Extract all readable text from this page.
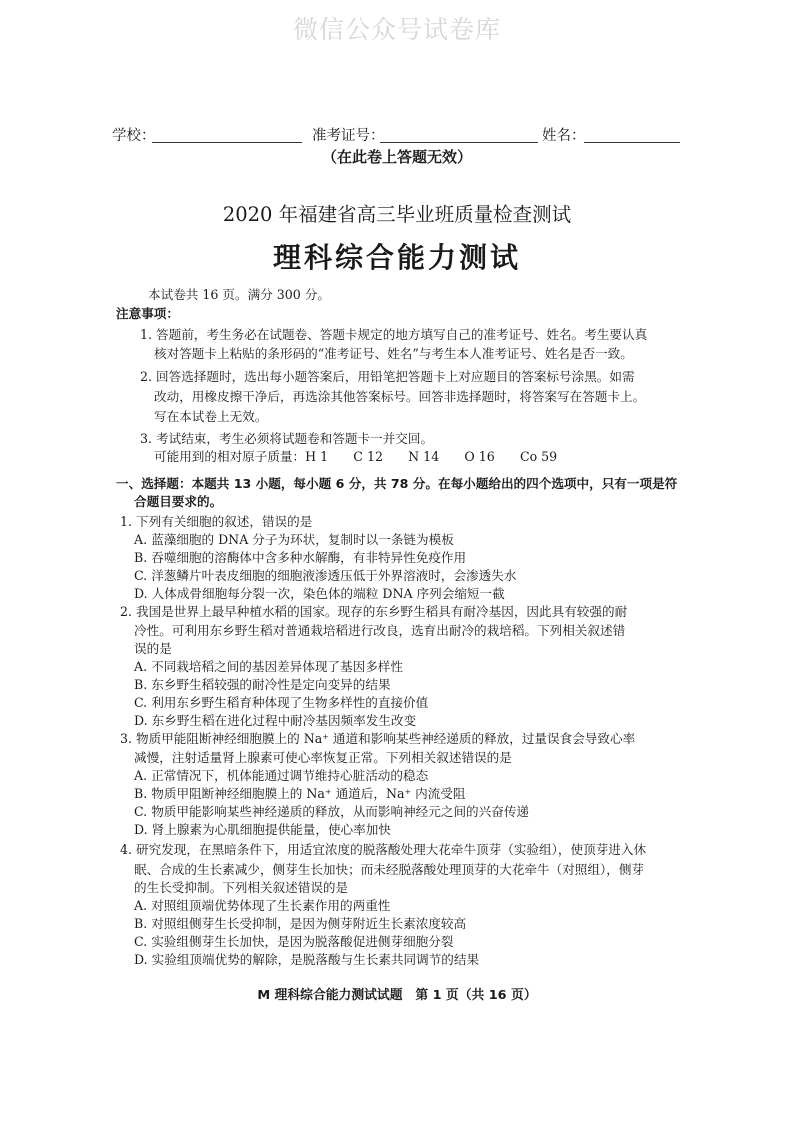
微信公众号试卷库
学校：	准考证号：	姓名：
（在此卷上答题无效）
2020 年福建省高三毕业班质量检查测试
理科综合能力测试
本试卷共 16 页。满分 300 分。
注意事项：
1. 答题前，考生务必在试题卷、答题卡规定的地方填写自己的准考证号、姓名。考生要认真
核对答题卡上粘贴的条形码的“准考证号、姓名”与考生本人准考证号、姓名是否一致。
2. 回答选择题时，选出每小题答案后，用铅笔把答题卡上对应题目的答案标号涂黑。如需
改动，用橡皮擦干净后，再选涂其他答案标号。回答非选择题时，将答案写在答题卡上。
写在本试卷上无效。
3. 考试结束，考生必须将试题卷和答题卡一并交回。
可能用到的相对原子质量：H 1　　C 12　　N 14　　O 16　　Co 59
一、选择题：本题共 13 小题，每小题 6 分，共 78 分。在每小题给出的四个选项中，只有一项是符
合题目要求的。
1. 下列有关细胞的叙述，错误的是
A. 蓝藻细胞的 DNA 分子为环状，复制时以一条链为模板
B. 吞噬细胞的溶酶体中含多种水解酶，有非特异性免疫作用
C. 洋葱鳞片叶表皮细胞的细胞液渗透压低于外界溶液时，会渗透失水
D. 人体成骨细胞每分裂一次，染色体的端粒 DNA 序列会缩短一截
2. 我国是世界上最早种植水稻的国家。现存的东乡野生稻具有耐冷基因，因此具有较强的耐
冷性。可利用东乡野生稻对普通栽培稻进行改良，选育出耐冷的栽培稻。下列相关叙述错
误的是
A. 不同栽培稻之间的基因差异体现了基因多样性
B. 东乡野生稻较强的耐冷性是定向变异的结果
C. 利用东乡野生稻育种体现了生物多样性的直接价值
D. 东乡野生稻在进化过程中耐冷基因频率发生改变
3. 物质甲能阻断神经细胞膜上的 Na⁺ 通道和影响某些神经递质的释放，过量误食会导致心率
减慢，注射适量肾上腺素可使心率恢复正常。下列相关叙述错误的是
A. 正常情况下，机体能通过调节维持心脏活动的稳态
B. 物质甲阻断神经细胞膜上的 Na⁺ 通道后，Na⁺ 内流受阻
C. 物质甲能影响某些神经递质的释放，从而影响神经元之间的兴奋传递
D. 肾上腺素为心肌细胞提供能量，使心率加快
4. 研究发现，在黑暗条件下，用适宜浓度的脱落酸处理大花牵牛顶芽（实验组），使顶芽进入休
眠、合成的生长素减少，侧芽生长加快；而未经脱落酸处理顶芽的大花牵牛（对照组），侧芽
的生长受抑制。下列相关叙述错误的是
A. 对照组顶端优势体现了生长素作用的两重性
B. 对照组侧芽生长受抑制，是因为侧芽附近生长素浓度较高
C. 实验组侧芽生长加快，是因为脱落酸促进侧芽细胞分裂
D. 实验组顶端优势的解除，是脱落酸与生长素共同调节的结果
M 理科综合能力测试试题　第 1 页（共 16 页）
